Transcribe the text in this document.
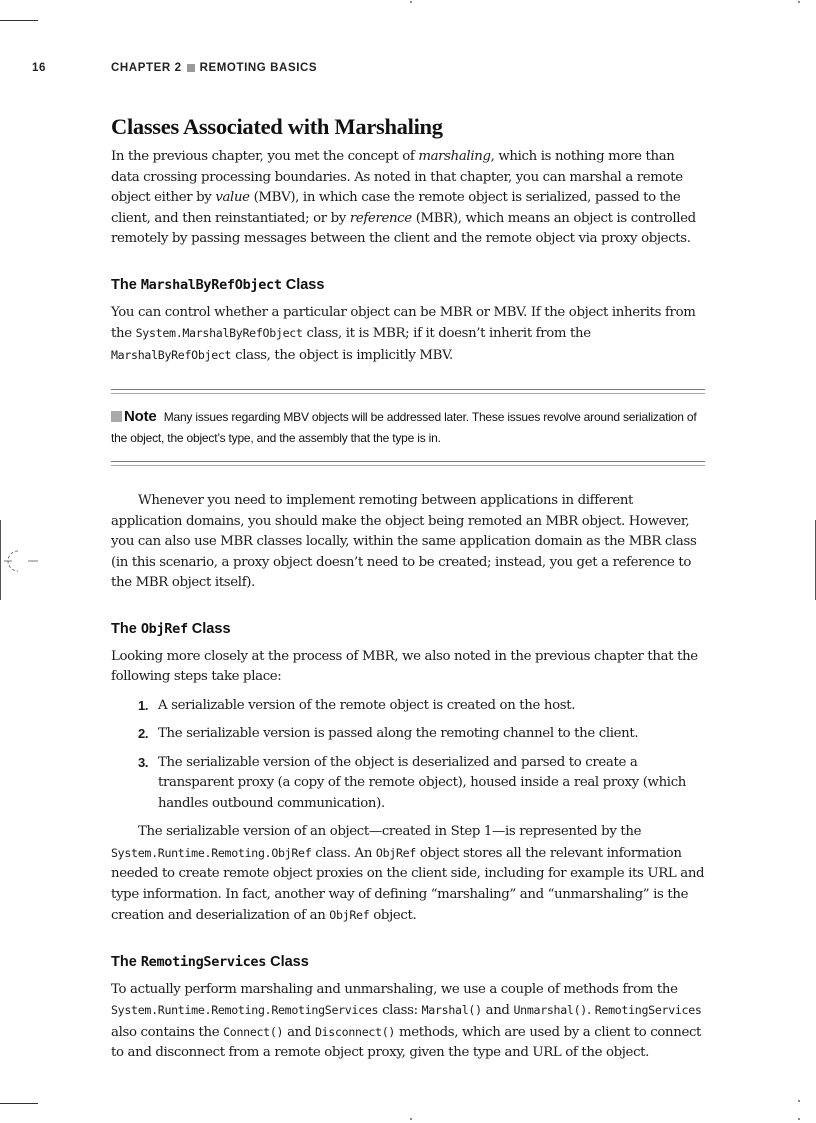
16	CHAPTER 2 REMOTING BASICS
Classes Associated with Marshaling

In the previous chapter, you met the concept of marshaling, which is nothing more than data crossing processing boundaries. As noted in that chapter, you can marshal a remote object either by value (MBV), in which case the remote object is serialized, passed to the client, and then reinstantiated; or by reference (MBR), which means an object is controlled remotely by passing messages between the client and the remote object via proxy objects.

The MarshalByRefObject Class

You can control whether a particular object can be MBR or MBV. If the object inherits from the System.MarshalByRefObject class, it is MBR; if it doesn’t inherit from the MarshalByRefObject class, the object is implicitly MBV.

Note Many issues regarding MBV objects will be addressed later. These issues revolve around serialization of the object, the object’s type, and the assembly that the type is in.

Whenever you need to implement remoting between applications in different application domains, you should make the object being remoted an MBR object. However, you can also use MBR classes locally, within the same application domain as the MBR class (in this scenario, a proxy object doesn’t need to be created; instead, you get a reference to the MBR object itself).

The ObjRef Class

Looking more closely at the process of MBR, we also noted in the previous chapter that the following steps take place:

1. A serializable version of the remote object is created on the host.
2. The serializable version is passed along the remoting channel to the client.
3. The serializable version of the object is deserialized and parsed to create a transparent proxy (a copy of the remote object), housed inside a real proxy (which handles outbound communication).

The serializable version of an object—created in Step 1—is represented by the System.Runtime.Remoting.ObjRef class. An ObjRef object stores all the relevant information needed to create remote object proxies on the client side, including for example its URL and type information. In fact, another way of defining “marshaling” and “unmarshaling” is the creation and deserialization of an ObjRef object.

The RemotingServices Class

To actually perform marshaling and unmarshaling, we use a couple of methods from the System.Runtime.Remoting.RemotingServices class: Marshal() and Unmarshal(). RemotingServices also contains the Connect() and Disconnect() methods, which are used by a client to connect to and disconnect from a remote object proxy, given the type and URL of the object.
